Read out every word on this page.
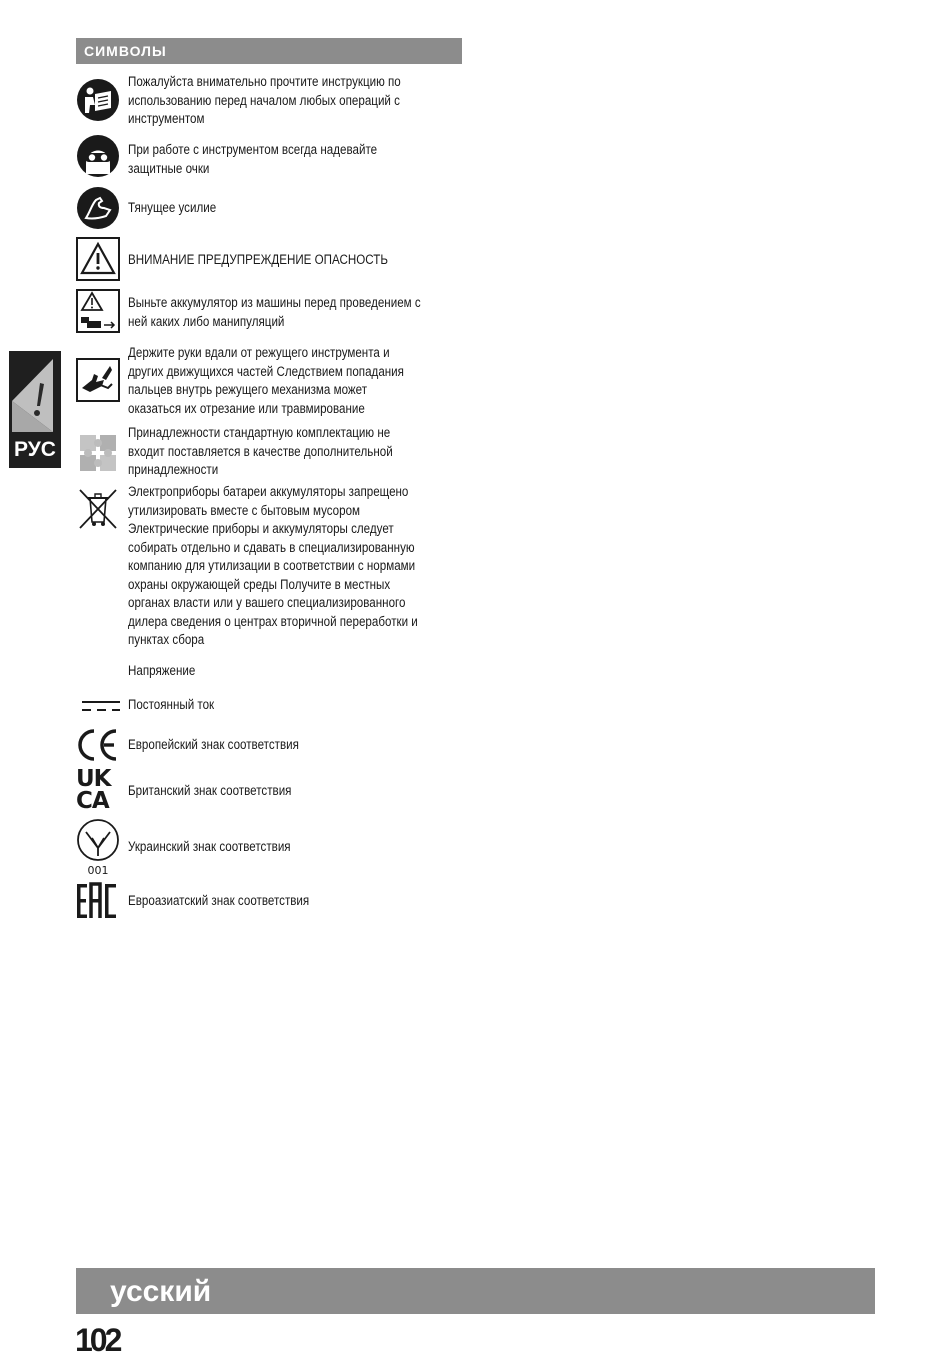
СИМВОЛЫ
РУС
Пожалуйста внимательно прочтите инструкцию по
использованию перед началом любых операций с
инструментом
При работе с инструментом всегда надевайте
защитные очки
Тянущее усилие
ВНИМАНИЕ ПРЕДУПРЕЖДЕНИЕ ОПАСНОСТЬ
Выньте аккумулятор из машины перед проведением с
ней каких либо манипуляций
Держите руки вдали от режущего инструмента и
других движущихся частей Следствием попадания
пальцев внутрь режущего механизма может
оказаться их отрезание или травмирование
Принадлежности стандартную комплектацию не
входит поставляется в качестве дополнительной
принадлежности
Электроприборы батареи аккумуляторы запрещено
утилизировать вместе с бытовым мусором
Электрические приборы и аккумуляторы следует
собирать отдельно и сдавать в специализированную
компанию для утилизации в соответствии с нормами
охраны окружающей среды Получите в местных
органах власти или у вашего специализированного
дилера сведения о центрах вторичной переработки и
пунктах сбора
Напряжение
Постоянный ток
Европейский знак соответствия
UK
CA	Британский знак соответствия
001
Украинский знак соответствия
Евроазиатский знак соответствия
усский
102
